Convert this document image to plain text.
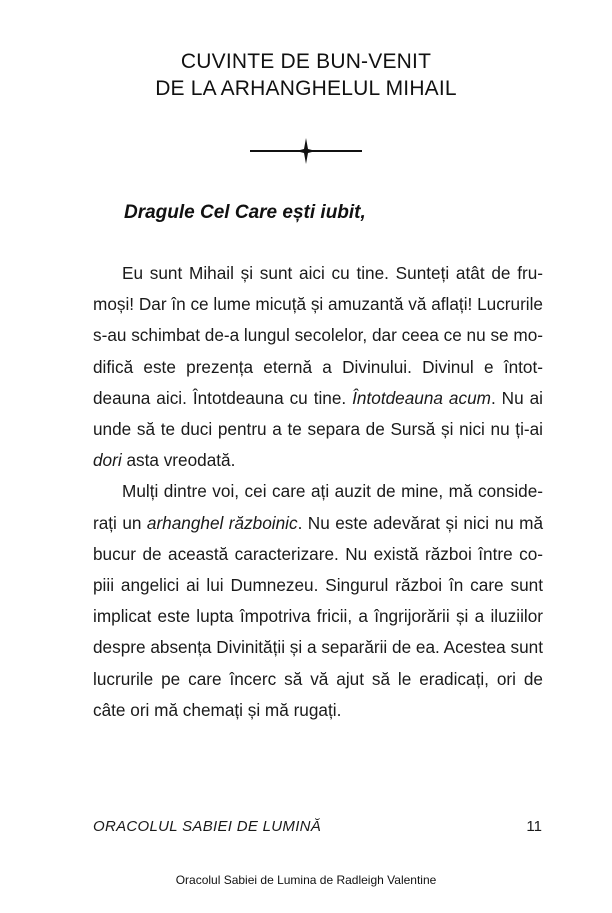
CUVINTE DE BUN-VENIT
DE LA ARHANGHELUL MIHAIL
Dragule Cel Care ești iubit,

Eu sunt Mihail și sunt aici cu tine. Sunteți atât de frumoși! Dar în ce lume micuță și amuzantă vă aflați! Lucrurile s-au schimbat de-a lungul secolelor, dar ceea ce nu se modifică este prezența eternă a Divinului. Divinul e întotdeauna aici. Întotdeauna cu tine. Întotdeauna acum. Nu ai unde să te duci pentru a te separa de Sursă și nici nu ți-ai dori asta vreodată.

Mulți dintre voi, cei care ați auzit de mine, mă considerați un arhanghel războinic. Nu este adevărat și nici nu mă bucur de această caracterizare. Nu există război între copiii angelici ai lui Dumnezeu. Singurul război în care sunt implicat este lupta împotriva fricii, a îngrijorării și a iluziilor despre absența Divinității și a separării de ea. Acestea sunt lucrurile pe care încerc să vă ajut să le eradicați, ori de câte ori mă chemați și mă rugați.

ORACOLUL SABIEI DE LUMINĂ	11
Oracolul Sabiei de Lumina de Radleigh Valentine
